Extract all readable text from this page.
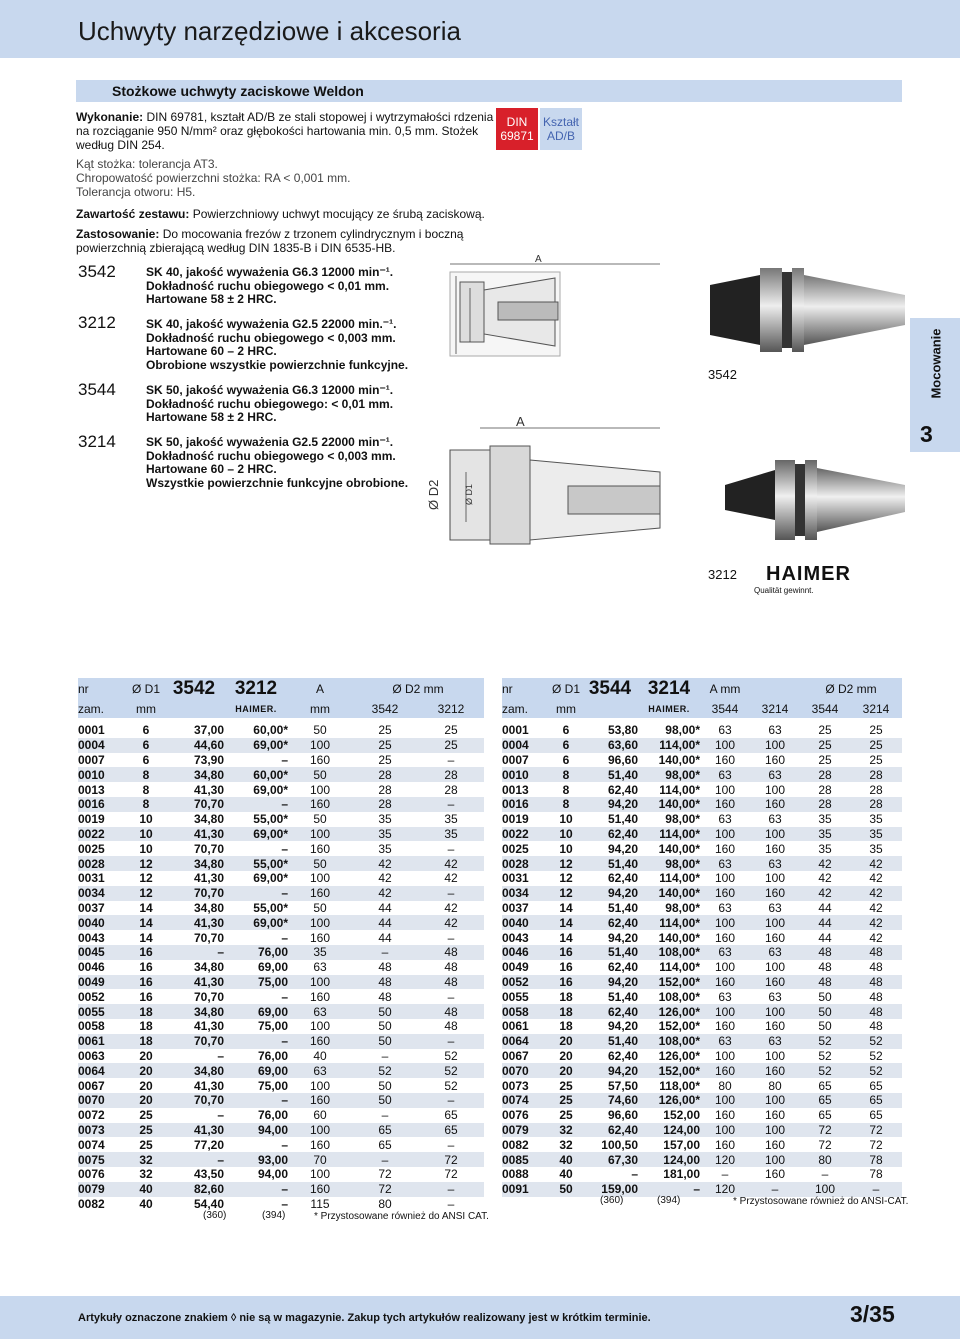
Uchwyty narzędziowe i akcesoria
Stożkowe uchwyty zaciskowe Weldon
Wykonanie: DIN 69781, kształt AD/B ze stali stopowej i wytrzymałości rdzenia na rozciąganie 950 N/mm² oraz głębokości hartowania min. 0,5 mm. Stożek według DIN 254.
Kąt stożka: tolerancja AT3.
Chropowatość powierzchni stożka: RA < 0,001 mm.
Tolerancja otworu: H5.
Zawartość zestawu: Powierzchniowy uchwyt mocujący ze śrubą zaciskową.
Zastosowanie: Do mocowania frezów z trzonem cylindrycznym i boczną powierzchnią zbierającą według DIN 1835-B i DIN 6535-HB.
DIN
69871
Kształt
AD/B
3542	SK 40, jakość wyważenia G6.3 12000 min⁻¹.
Dokładność ruchu obiegowego < 0,01 mm.
Hartowane 58 ± 2 HRC.
3212	SK 40, jakość wyważenia G2.5 22000 min.⁻¹.
Dokładność ruchu obiegowego < 0,003 mm.
Hartowane 60 – 2 HRC.
Obrobione wszystkie powierzchnie funkcyjne.
3544	SK 50, jakość wyważenia G6.3 12000 min⁻¹.
Dokładność ruchu obiegowego: < 0,01 mm.
Hartowane 58 ± 2 HRC.
3214	SK 50, jakość wyważenia G2.5 22000 min⁻¹.
Dokładność ruchu obiegowego < 0,003 mm.
Hartowane 60 – 2 HRC.
Wszystkie powierzchnie funkcyjne obrobione.
A
A
Ø D2	Ø D1
3542
3212 HAIMER
Qualität gewinnt.
3
Mocowanie
nr	Ø D1	3542	3212	A	Ø D2 mm	
zam.	mm		HAIMER.	mm	3542	3212

0001	6	37,00	60,00*	50	25	25
0004	6	44,60	69,00*	100	25	25
0007	6	73,90	–	160	25	–
0010	8	34,80	60,00*	50	28	28
0013	8	41,30	69,00*	100	28	28
0016	8	70,70	–	160	28	–
0019	10	34,80	55,00*	50	35	35
0022	10	41,30	69,00*	100	35	35
0025	10	70,70	–	160	35	–
0028	12	34,80	55,00*	50	42	42
0031	12	41,30	69,00*	100	42	42
0034	12	70,70	–	160	42	–
0037	14	34,80	55,00*	50	44	42
0040	14	41,30	69,00*	100	44	42
0043	14	70,70	–	160	44	–
0045	16	–	76,00	35	–	48
0046	16	34,80	69,00	63	48	48
0049	16	41,30	75,00	100	48	48
0052	16	70,70	–	160	48	–
0055	18	34,80	69,00	63	50	48
0058	18	41,30	75,00	100	50	48
0061	18	70,70	–	160	50	–
0063	20	–	76,00	40	–	52
0064	20	34,80	69,00	63	52	52
0067	20	41,30	75,00	100	50	52
0070	20	70,70	–	160	50	–
0072	25	–	76,00	60	–	65
0073	25	41,30	94,00	100	65	65
0074	25	77,20	–	160	65	–
0075	32	–	93,00	70	–	72
0076	32	43,50	94,00	100	72	72
0079	40	82,60	–	160	72	–
0082	40	54,40	–	115	80	–
(360)	(394)	* Przystosowane również do ANSI CAT.
nr	Ø D1	3544	3214	A mm		Ø D2 mm	
zam.	mm		HAIMER.	3544	3214	3544	3214

0001	6	53,80	98,00*	63	63	25	25
0004	6	63,60	114,00*	100	100	25	25
0007	6	96,60	140,00*	160	160	25	25
0010	8	51,40	98,00*	63	63	28	28
0013	8	62,40	114,00*	100	100	28	28
0016	8	94,20	140,00*	160	160	28	28
0019	10	51,40	98,00*	63	63	35	35
0022	10	62,40	114,00*	100	100	35	35
0025	10	94,20	140,00*	160	160	35	35
0028	12	51,40	98,00*	63	63	42	42
0031	12	62,40	114,00*	100	100	42	42
0034	12	94,20	140,00*	160	160	42	42
0037	14	51,40	98,00*	63	63	44	42
0040	14	62,40	114,00*	100	100	44	42
0043	14	94,20	140,00*	160	160	44	42
0046	16	51,40	108,00*	63	63	48	48
0049	16	62,40	114,00*	100	100	48	48
0052	16	94,20	152,00*	160	160	48	48
0055	18	51,40	108,00*	63	63	50	48
0058	18	62,40	126,00*	100	100	50	48
0061	18	94,20	152,00*	160	160	50	48
0064	20	51,40	108,00*	63	63	52	52
0067	20	62,40	126,00*	100	100	52	52
0070	20	94,20	152,00*	160	160	52	52
0073	25	57,50	118,00*	80	80	65	65
0074	25	74,60	126,00*	100	100	65	65
0076	25	96,60	152,00	160	160	65	65
0079	32	62,40	124,00	100	100	72	72
0082	32	100,50	157,00	160	160	72	72
0085	40	67,30	124,00	120	100	80	78
0088	40	–	181,00	–	160	–	78
0091	50	159,00	–	120	–	100	–
(360)	(394)	* Przystosowane również do ANSI-CAT.
Artykuły oznaczone znakiem ◊ nie są w magazynie. Zakup tych artykułów realizowany jest w krótkim terminie.	3/35
